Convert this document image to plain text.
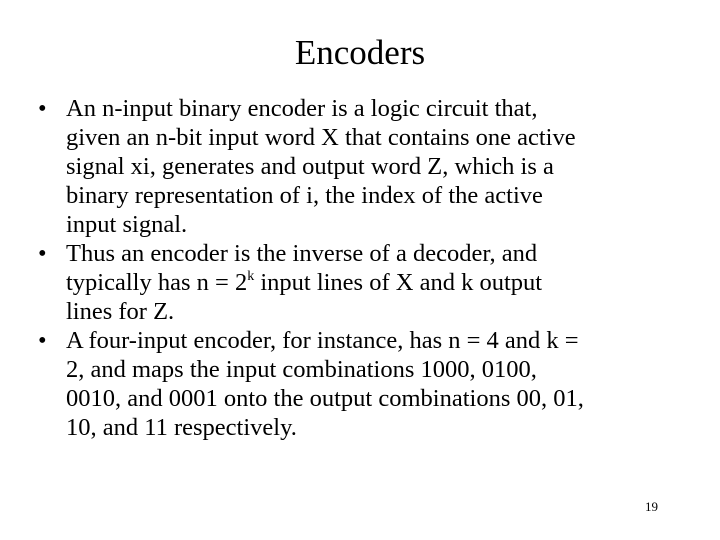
Encoders
• An n-input binary encoder is a logic circuit that,
given an n-bit input word X that contains one active
signal xi, generates and output word Z, which is a
binary representation of i, the index of the active
input signal.
• Thus an encoder is the inverse of a decoder, and
typically has $n = 2^k$ input lines of X and k output
lines for Z.
• A four-input encoder, for instance, has n = 4 and k =
2, and maps the input combinations 1000, 0100,
0010, and 0001 onto the output combinations 00, 01,
10, and 11 respectively.
19
